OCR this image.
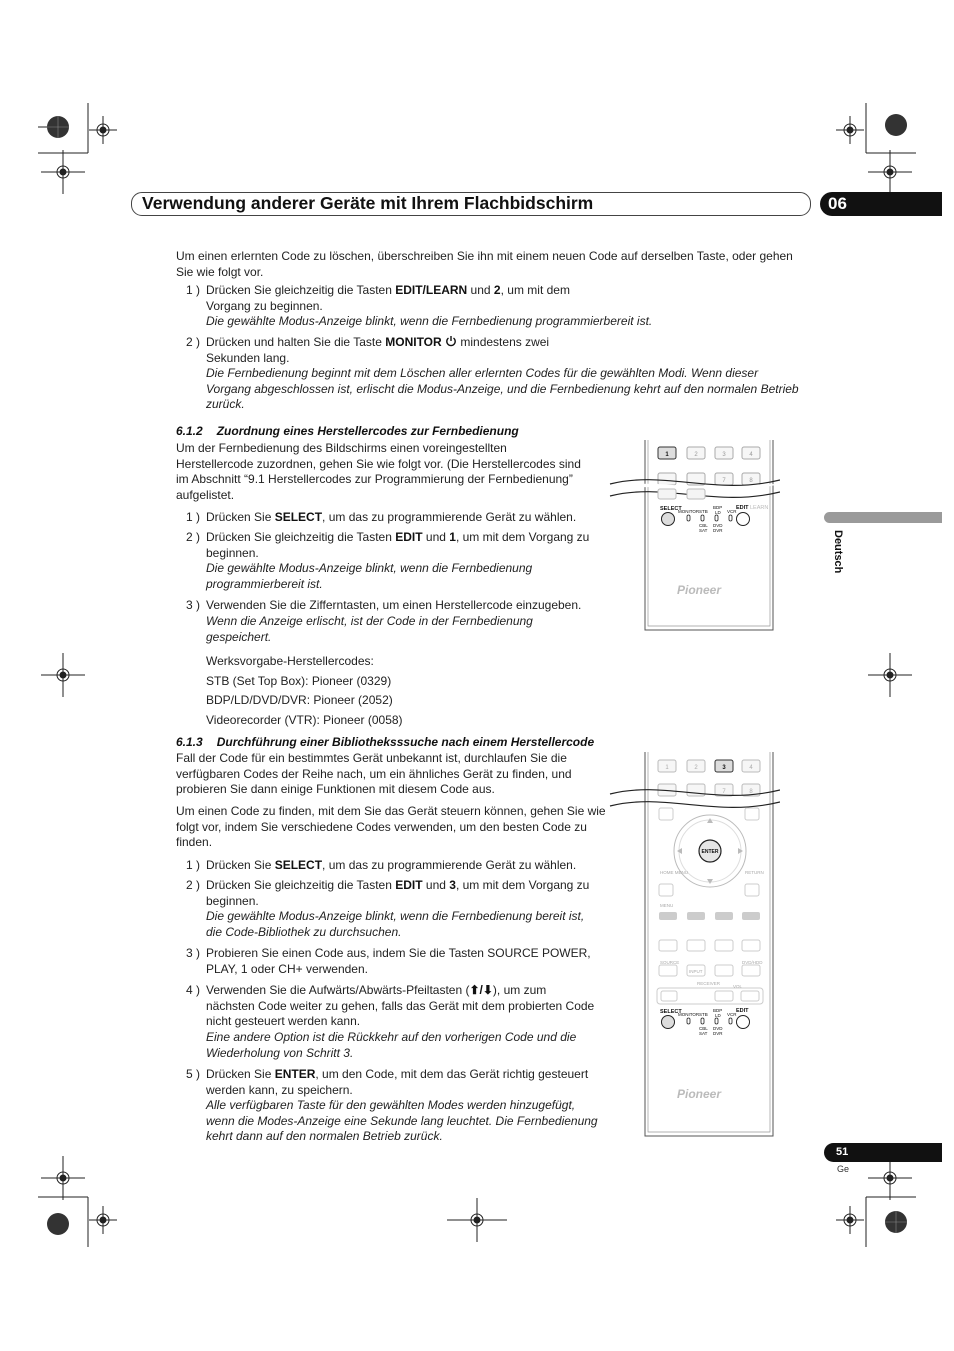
Verwendung anderer Geräte mit Ihrem Flachbidschirm	06
Deutsch
Um einen erlernten Code zu löschen, überschreiben Sie ihn mit einem neuen Code auf derselben Taste, oder gehen Sie wie folgt vor.
1 ) Drücken Sie gleichzeitig die Tasten EDIT/LEARN und 2, um mit dem Vorgang zu beginnen.
Die gewählte Modus-Anzeige blinkt, wenn die Fernbedienung programmierbereit ist.
2 ) Drücken und halten Sie die Taste MONITOR  mindestens zwei Sekunden lang.
Die Fernbedienung beginnt mit dem Löschen aller erlernten Codes für die gewählten Modi. Wenn dieser Vorgang abgeschlossen ist, erlischt die Modus-Anzeige, und die Fernbedienung kehrt auf den normalen Betrieb zurück.
6.1.2 Zuordnung eines Herstellercodes zur Fernbedienung
Um der Fernbedienung des Bildschirms einen voreingestellten Herstellercode zuzordnen, gehen Sie wie folgt vor. (Die Herstellercodes sind im Abschnitt “9.1 Herstellercodes zur Programmierung der Fernbedienung” aufgelistet.
1 ) Drücken Sie SELECT, um das zu programmierende Gerät zu wählen.
2 ) Drücken Sie gleichzeitig die Tasten EDIT und 1, um mit dem Vorgang zu beginnen.
Die gewählte Modus-Anzeige blinkt, wenn die Fernbedienung programmierbereit ist.
3 ) Verwenden Sie die Zifferntasten, um einen Herstellercode einzugeben.
Wenn die Anzeige erlischt, ist der Code in der Fernbedienung gespeichert.
Werksvorgabe-Herstellercodes:
STB (Set Top Box): Pioneer (0329)
BDP/LD/DVD/DVR: Pioneer (2052)
Videorecorder (VTR): Pioneer (0058)
6.1.3 Durchführung einer Bibliotheksssuche nach einem Herstellercode
Fall der Code für ein bestimmtes Gerät unbekannt ist, durchlaufen Sie die verfügbaren Codes der Reihe nach, um ein ähnliches Gerät zu finden, und probieren Sie dann einige Funktionen mit diesem Code aus.
Um einen Code zu finden, mit dem Sie das Gerät steuern können, gehen Sie wie folgt vor, indem Sie verschiedene Codes verwenden, um den besten Code zu finden.
1 ) Drücken Sie SELECT, um das zu programmierende Gerät zu wählen.
2 ) Drücken Sie gleichzeitig die Tasten EDIT und 3, um mit dem Vorgang zu beginnen.
Die gewählte Modus-Anzeige blinkt, wenn die Fernbedienung bereit ist, die Code-Bibliothek zu durchsuchen.
3 ) Probieren Sie einen Code aus, indem Sie die Tasten SOURCE POWER, PLAY, 1 oder CH+ verwenden.
4 ) Verwenden Sie die Aufwärts/Abwärts-Pfeiltasten (⬆/⬇), um zum nächsten Code weiter zu gehen, falls das Gerät mit dem probierten Code nicht gesteuert werden kann.
Eine andere Option ist die Rückkehr auf den vorherigen Code und die Wiederholung von Schritt 3.
5 ) Drücken Sie ENTER, um den Code, mit dem das Gerät richtig gesteuert werden kann, zu speichern.
Alle verfügbaren Taste für den gewählten Modes werden hinzugefügt, wenn die Modes-Anzeige eine Sekunde lang leuchtet. Die Fernbedienung kehrt dann auf den normalen Betrieb zurück.
1	2	3	4
7	8
SELECT
MONITOR STB
BDP
LD VCR
EDIT LEARN
CBL
SAT
DVD
DVR
Pioneer
1	2	3	4
7	8
ENTER
HOME MENU	RETURN
MENU
SOURCE
INPUT
DVD/HDD
RECEIVER
VOL
SELECT
MONITOR STB
BDP
LD VCR
EDIT
CBL
SAT
DVD
DVR
Pioneer
51
Ge
